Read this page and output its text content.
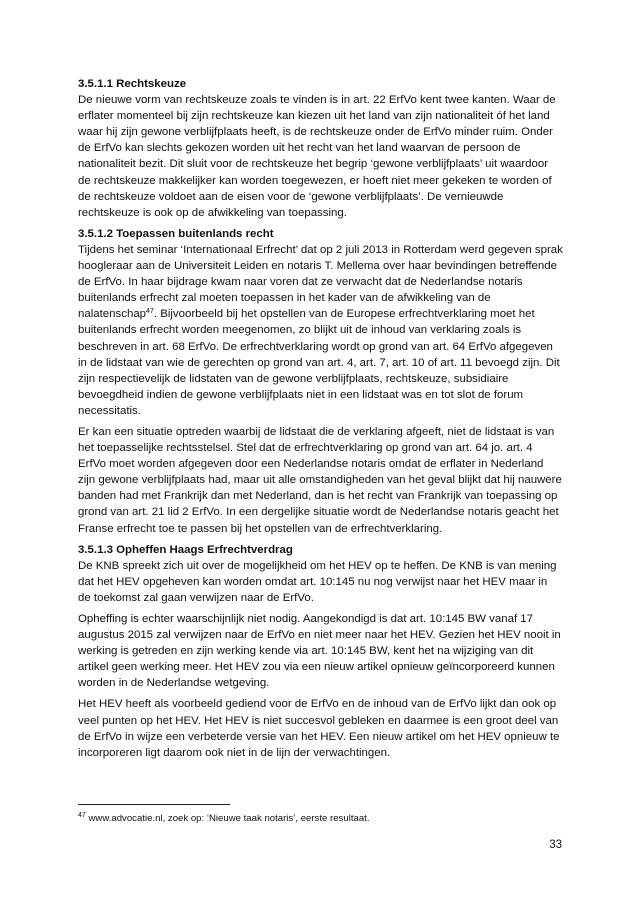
3.5.1.1 Rechtskeuze

De nieuwe vorm van rechtskeuze zoals te vinden is in art. 22 ErfVo kent twee kanten. Waar de erflater momenteel bij zijn rechtskeuze kan kiezen uit het land van zijn nationaliteit óf het land waar hij zijn gewone verblijfplaats heeft, is de rechtskeuze onder de ErfVo minder ruim. Onder de ErfVo kan slechts gekozen worden uit het recht van het land waarvan de persoon de nationaliteit bezit. Dit sluit voor de rechtskeuze het begrip ‘gewone verblijfplaats’ uit waardoor de rechtskeuze makkelijker kan worden toegewezen, er hoeft niet meer gekeken te worden of de rechtskeuze voldoet aan de eisen voor de ‘gewone verblijfplaats’. De vernieuwde rechtskeuze is ook op de afwikkeling van toepassing.

3.5.1.2 Toepassen buitenlands recht

Tijdens het seminar ‘Internationaal Erfrecht’ dat op 2 juli 2013 in Rotterdam werd gegeven sprak hoogleraar aan de Universiteit Leiden en notaris T. Mellema over haar bevindingen betreffende de ErfVo. In haar bijdrage kwam naar voren dat ze verwacht dat de Nederlandse notaris buitenlands erfrecht zal moeten toepassen in het kader van de afwikkeling van de nalatenschap$^{47}$. Bijvoorbeeld bij het opstellen van de Europese erfrechtverklaring moet het buitenlands erfrecht worden meegenomen, zo blijkt uit de inhoud van verklaring zoals is beschreven in art. 68 ErfVo. De erfrechtverklaring wordt op grond van art. 64 ErfVo afgegeven in de lidstaat van wie de gerechten op grond van art. 4, art. 7, art. 10 of art. 11 bevoegd zijn. Dit zijn respectievelijk de lidstaten van de gewone verblijfplaats, rechtskeuze, subsidiaire bevoegdheid indien de gewone verblijfplaats niet in een lidstaat was en tot slot de forum necessitatis.

Er kan een situatie optreden waarbij de lidstaat die de verklaring afgeeft, niet de lidstaat is van het toepasselijke rechtsstelsel. Stel dat de erfrechtverklaring op grond van art. 64 jo. art. 4 ErfVo moet worden afgegeven door een Nederlandse notaris omdat de erflater in Nederland zijn gewone verblijfplaats had, maar uit alle omstandigheden van het geval blijkt dat hij nauwere banden had met Frankrijk dan met Nederland, dan is het recht van Frankrijk van toepassing op grond van art. 21 lid 2 ErfVo. In een dergelijke situatie wordt de Nederlandse notaris geacht het Franse erfrecht toe te passen bij het opstellen van de erfrechtverklaring.

3.5.1.3 Opheffen Haags Erfrechtverdrag

De KNB spreekt zich uit over de mogelijkheid om het HEV op te heffen. De KNB is van mening dat het HEV opgeheven kan worden omdat art. 10:145 nu nog verwijst naar het HEV maar in de toekomst zal gaan verwijzen naar de ErfVo.

Opheffing is echter waarschijnlijk niet nodig. Aangekondigd is dat art. 10:145 BW vanaf 17 augustus 2015 zal verwijzen naar de ErfVo en niet meer naar het HEV. Gezien het HEV nooit in werking is getreden en zijn werking kende via art. 10:145 BW, kent het na wijziging van dit artikel geen werking meer. Het HEV zou via een nieuw artikel opnieuw geïncorporeerd kunnen worden in de Nederlandse wetgeving.

Het HEV heeft als voorbeeld gediend voor de ErfVo en de inhoud van de ErfVo lijkt dan ook op veel punten op het HEV. Het HEV is niet succesvol gebleken en daarmee is een groot deel van de ErfVo in wijze een verbeterde versie van het HEV. Een nieuw artikel om het HEV opnieuw te incorporeren ligt daarom ook niet in de lijn der verwachtingen.

$^{47}$ www.advocatie.nl, zoek op: ‘Nieuwe taak notaris’, eerste resultaat.
33
